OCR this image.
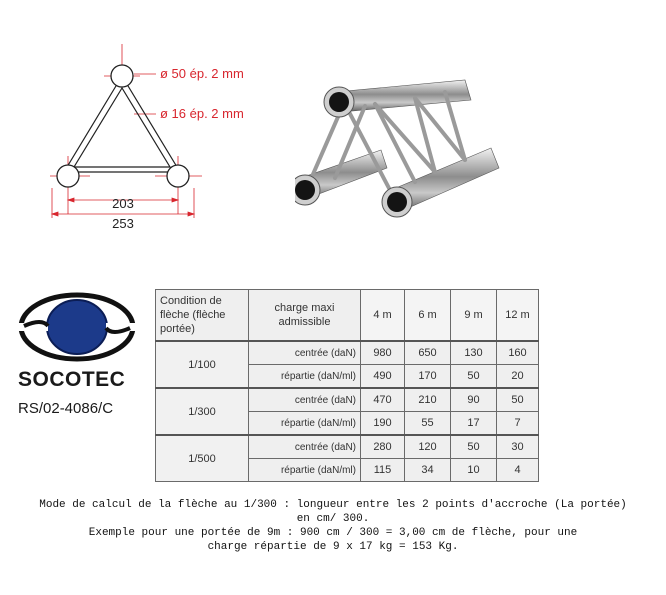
ø 50 ép. 2 mm
ø 16 ép. 2 mm
203
253
SOCOTEC
RS/02-4086/C
Condition de flèche (flèche portée)	charge maxi admissible	4 m	6 m	9 m	12 m
1/100	centrée (daN)	980	650	130	160
	répartie (daN/ml)	490	170	50	20
1/300	centrée (daN)	470	210	90	50
	répartie (daN/ml)	190	55	17	7
1/500	centrée (daN)	280	120	50	30
	répartie (daN/ml)	115	34	10	4
Mode de calcul de la flèche au 1/300 : longueur entre les 2 points d'accroche (La portée)
en cm/ 300.
Exemple pour une portée de 9m : 900 cm / 300 = 3,00 cm de flèche, pour une
charge répartie de 9 x 17 kg = 153 Kg.
